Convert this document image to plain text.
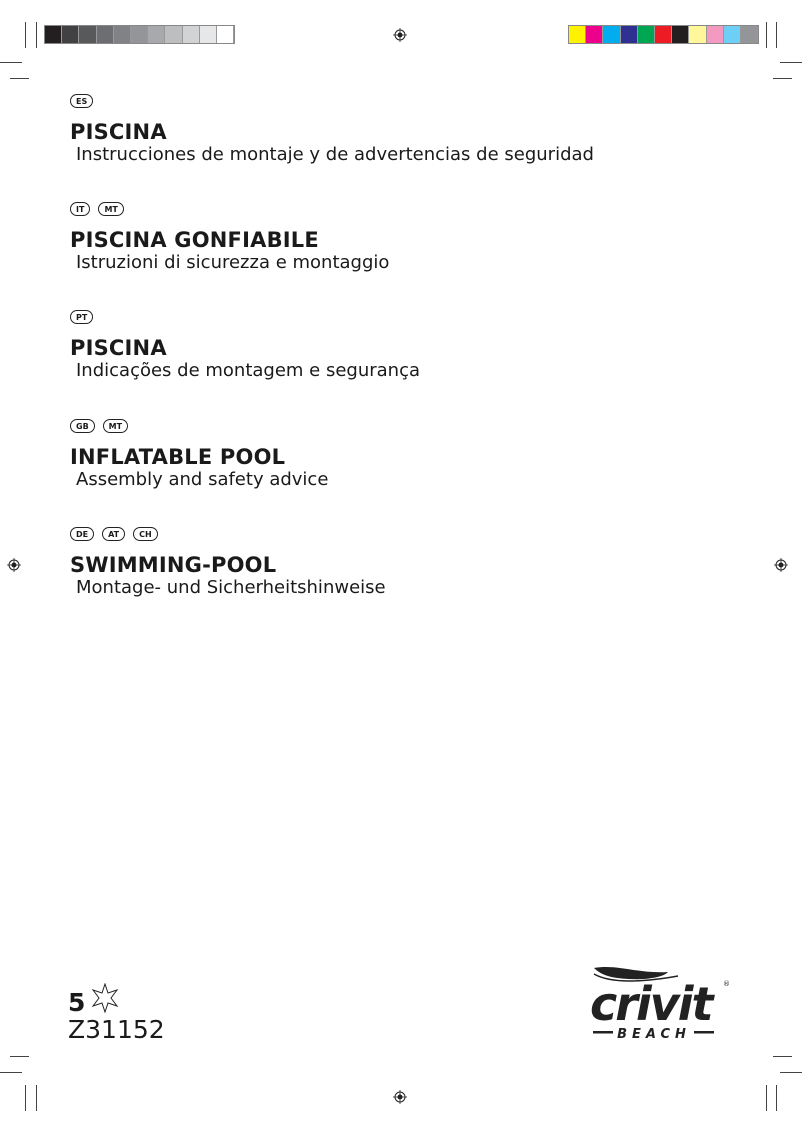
ES
PISCINA
Instrucciones de montaje y de advertencias de seguridad
IT	MT
PISCINA GONFIABILE
Istruzioni di sicurezza e montaggio
PT
PISCINA
Indicações de montagem e segurança
GB	MT
INFLATABLE POOL
Assembly and safety advice
DE	AT	CH
SWIMMING-POOL
Montage- und Sicherheitshinweise
5
Z31152	crivit	®
BEACH
